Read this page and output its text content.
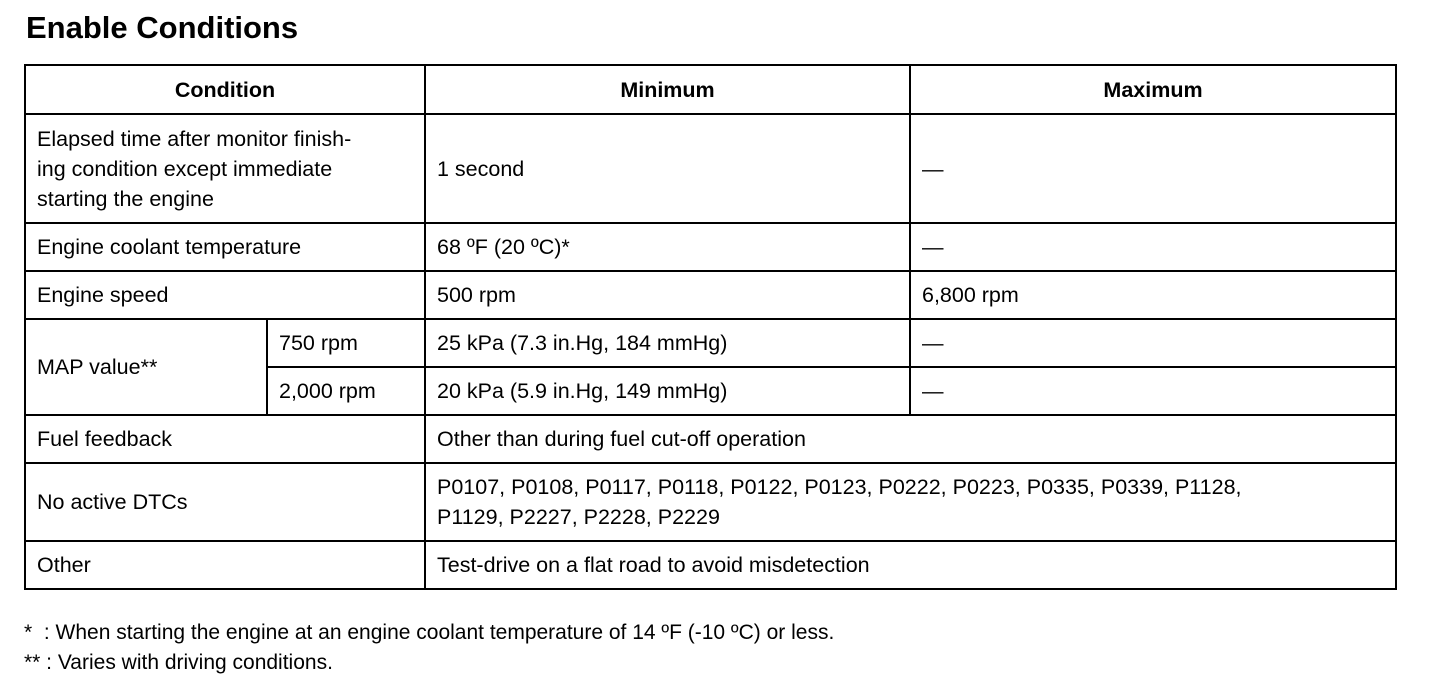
Enable Conditions
Condition		Minimum	Maximum
Elapsed time after monitor finish-
ing condition except immediate
starting the engine		1 second	—
Engine coolant temperature		68 ºF (20 ºC)*	—
Engine speed		500 rpm	6,800 rpm
MAP value**	750 rpm	25 kPa (7.3 in.Hg, 184 mmHg)	—
	2,000 rpm	20 kPa (5.9 in.Hg, 149 mmHg)	—
Fuel feedback		Other than during fuel cut-off operation	
No active DTCs		P0107, P0108, P0117, P0118, P0122, P0123, P0222, P0223, P0335, P0339, P1128,
P1129, P2227, P2228, P2229	
Other		Test-drive on a flat road to avoid misdetection	
*  : When starting the engine at an engine coolant temperature of 14 ºF (-10 ºC) or less.
** : Varies with driving conditions.
